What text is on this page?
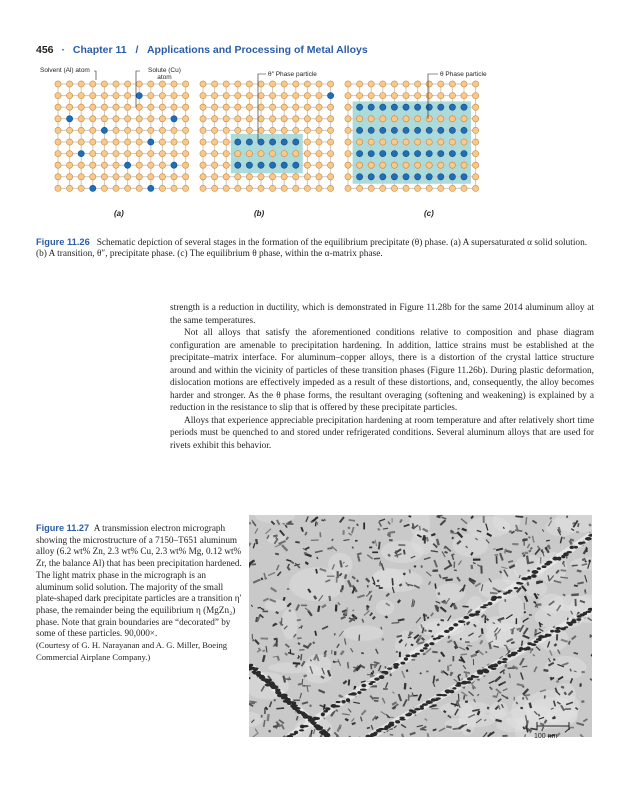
456 · Chapter 11 / Applications and Processing of Metal Alloys
Solvent (Al) atom	Solute (Cu)
atom	θ″ Phase particle	θ Phase particle
(a)	(b)	(c)
Figure 11.26 Schematic depiction of several stages in the formation of the equilibrium precipitate (θ) phase. (a) A supersaturated α solid solution. (b) A transition, θ″, precipitate phase. (c) The equilibrium θ phase, within the α-matrix phase.

strength is a reduction in ductility, which is demonstrated in Figure 11.28b for the same 2014 aluminum alloy at the same temperatures.

Not all alloys that satisfy the aforementioned conditions relative to composition and phase diagram configuration are amenable to precipitation hardening. In addition, lattice strains must be established at the precipitate–matrix interface. For aluminum–copper alloys, there is a distortion of the crystal lattice structure around and within the vicinity of particles of these transition phases (Figure 11.26b). During plastic deformation, dislocation motions are effectively impeded as a result of these distortions, and, consequently, the alloy becomes harder and stronger. As the θ phase forms, the resultant overaging (softening and weakening) is explained by a reduction in the resistance to slip that is offered by these precipitate particles.

Alloys that experience appreciable precipitation hardening at room temperature and after relatively short time periods must be quenched to and stored under refrigerated conditions. Several aluminum alloys that are used for rivets exhibit this behavior.

Figure 11.27 A transmission electron micrograph showing the microstructure of a 7150–T651 aluminum alloy (6.2 wt% Zn, 2.3 wt% Cu, 2.3 wt% Mg, 0.12 wt% Zr, the balance Al) that has been precipitation hardened. The light matrix phase in the micrograph is an aluminum solid solution. The majority of the small plate-shaped dark precipitate particles are a transition η′ phase, the remainder being the equilibrium η (MgZn₂) phase. Note that grain boundaries are “decorated” by some of these particles. 90,000×.
(Courtesy of G. H. Narayanan and A. G. Miller, Boeing Commercial Airplane Company.)
100 nm
